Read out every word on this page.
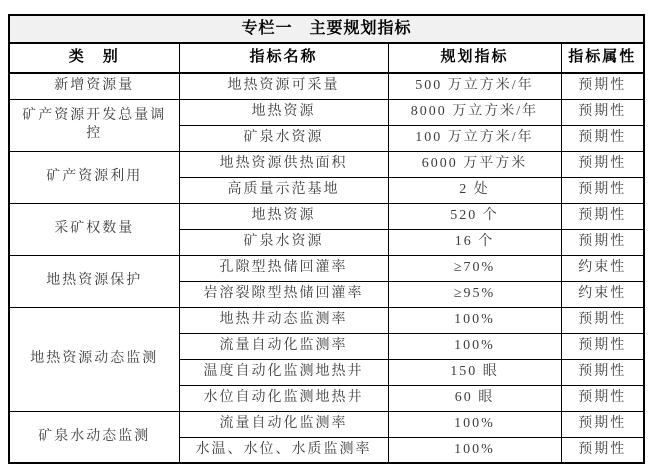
专栏一　主要规划指标			
类　别	指标名称	规划指标	指标属性
新增资源量	地热资源可采量	500 万立方米/年	预期性
矿产资源开发总量调控	地热资源	8000 万立方米/年	预期性
	矿泉水资源	100 万立方米/年	预期性
矿产资源利用	地热资源供热面积	6000 万平方米	预期性
	高质量示范基地	2 处	预期性
采矿权数量	地热资源	520 个	预期性
	矿泉水资源	16 个	预期性
地热资源保护	孔隙型热储回灌率	≥70%	约束性
	岩溶裂隙型热储回灌率	≥95%	约束性
地热资源动态监测	地热井动态监测率	100%	预期性
	流量自动化监测率	100%	预期性
	温度自动化监测地热井	150 眼	预期性
	水位自动化监测地热井	60 眼	预期性
矿泉水动态监测	流量自动化监测率	100%	预期性
	水温、水位、水质监测率	100%	预期性
